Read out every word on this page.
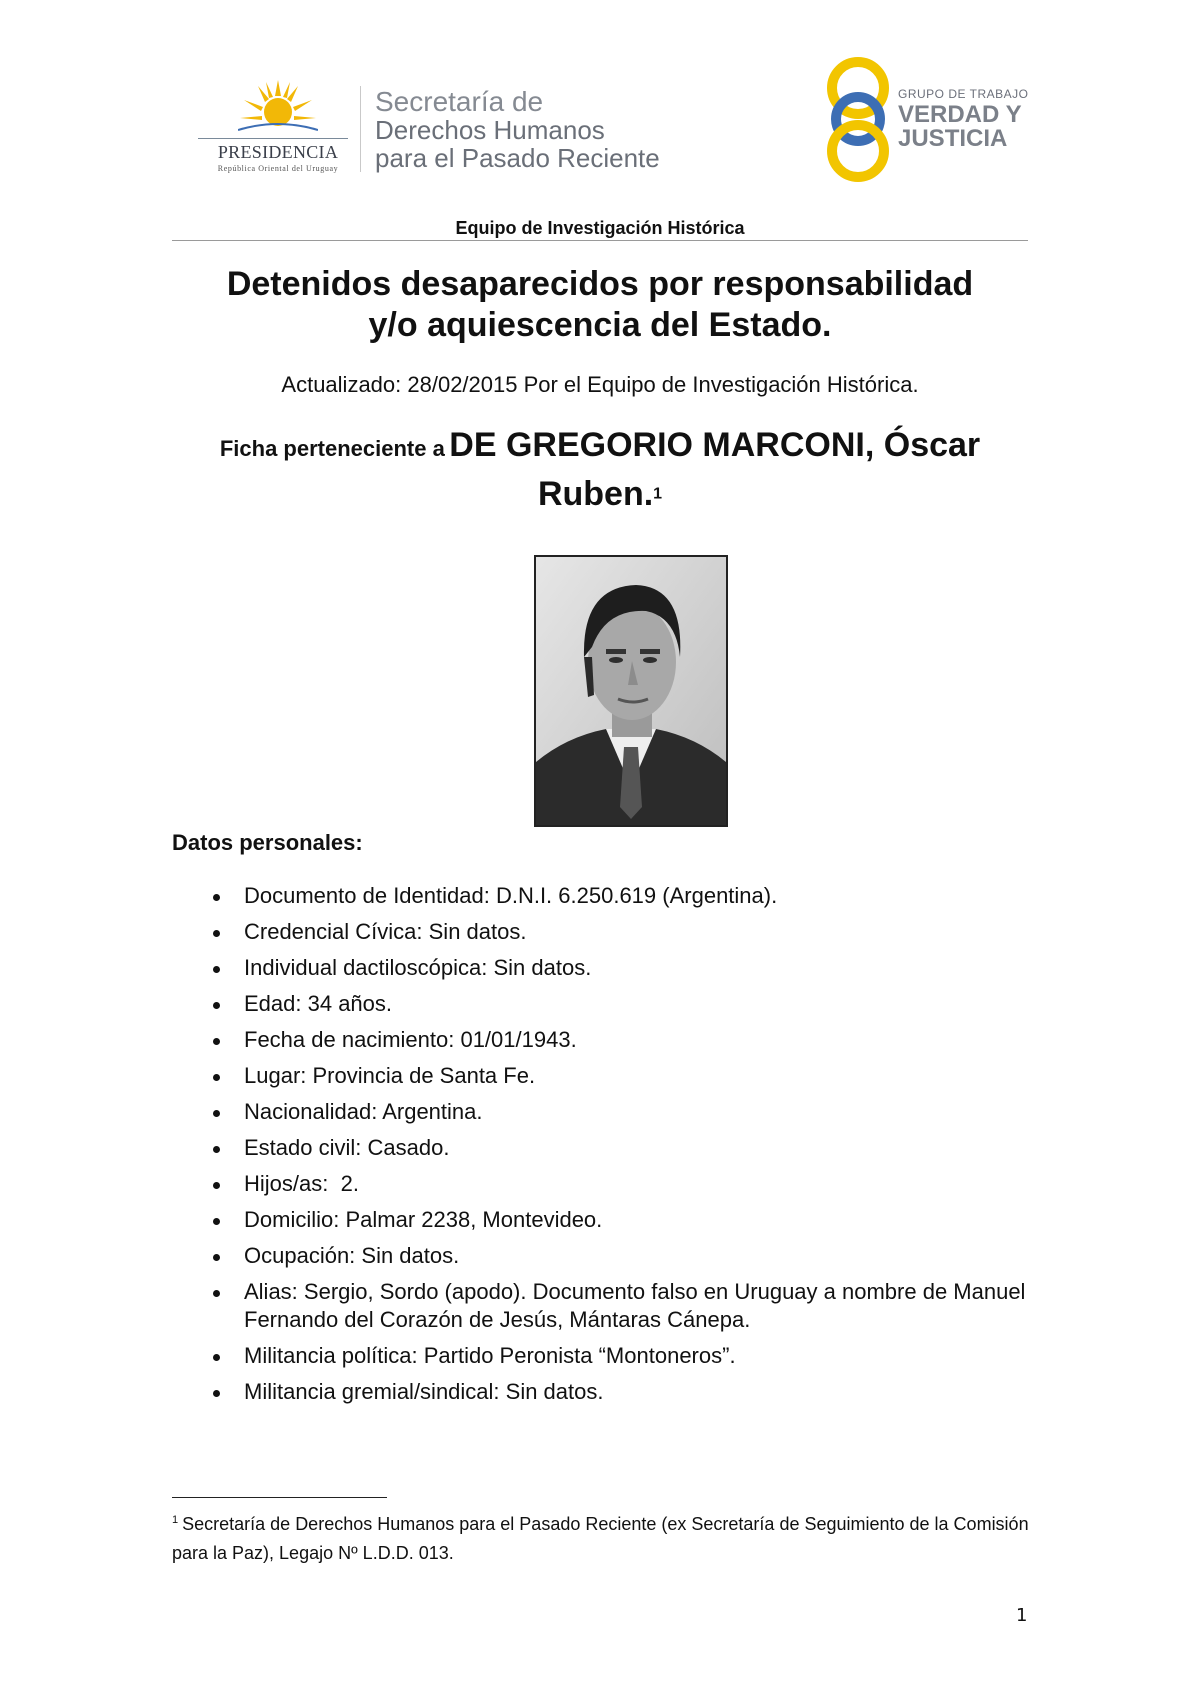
PRESIDENCIA
República Oriental del Uruguay
Secretaría de
Derechos Humanos
para el Pasado Reciente
GRUPO DE TRABAJO
VERDAD Y
JUSTICIA
Equipo de Investigación Histórica
Detenidos desaparecidos por responsabilidad
y/o aquiescencia del Estado.
Actualizado: 28/02/2015 Por el Equipo de Investigación Histórica.
Ficha perteneciente a DE GREGORIO MARCONI, Óscar Ruben.$^1$
Datos personales:
Documento de Identidad: D.N.I. 6.250.619 (Argentina).
Credencial Cívica: Sin datos.
Individual dactiloscópica: Sin datos.
Edad: 34 años.
Fecha de nacimiento: 01/01/1943.
Lugar: Provincia de Santa Fe.
Nacionalidad: Argentina.
Estado civil: Casado.
Hijos/as:  2.
Domicilio: Palmar 2238, Montevideo.
Ocupación: Sin datos.
Alias: Sergio, Sordo (apodo). Documento falso en Uruguay a nombre de Manuel Fernando del Corazón de Jesús, Mántaras Cánepa.
Militancia política: Partido Peronista “Montoneros”.
Militancia gremial/sindical: Sin datos.
$^1$ Secretaría de Derechos Humanos para el Pasado Reciente (ex Secretaría de Seguimiento de la Comisión para la Paz), Legajo Nº L.D.D. 013.
1
